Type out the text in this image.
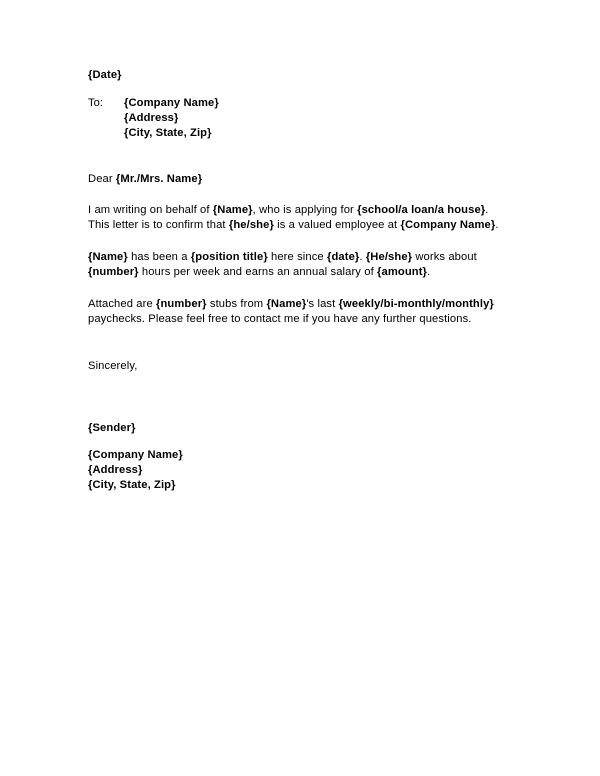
{Date}
To:	{Company Name}
{Address}
{City, State, Zip}
Dear {Mr./Mrs. Name}
I am writing on behalf of {Name}, who is applying for {school/a loan/a house}.
This letter is to confirm that {he/she} is a valued employee at {Company Name}.
{Name} has been a {position title} here since {date}. {He/she} works about
{number} hours per week and earns an annual salary of {amount}.
Attached are {number} stubs from {Name}'s last {weekly/bi-monthly/monthly}
paychecks. Please feel free to contact me if you have any further questions.
Sincerely,
{Sender}
{Company Name}
{Address}
{City, State, Zip}
